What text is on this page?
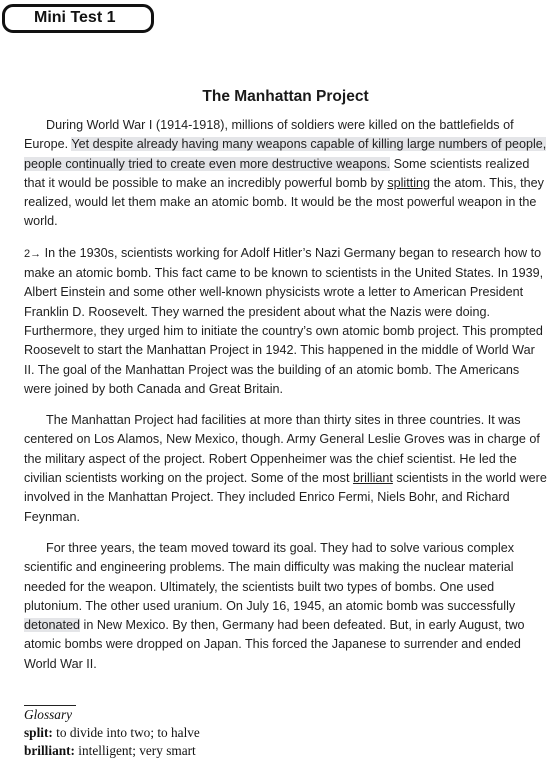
Mini Test 1
The Manhattan Project

During World War I (1914-1918), millions of soldiers were killed on the battlefields of Europe. Yet despite already having many weapons capable of killing large numbers of people, people continually tried to create even more destructive weapons. Some scientists realized that it would be possible to make an incredibly powerful bomb by splitting the atom. This, they realized, would let them make an atomic bomb. It would be the most powerful weapon in the world.

2→ In the 1930s, scientists working for Adolf Hitler’s Nazi Germany began to research how to make an atomic bomb. This fact came to be known to scientists in the United States. In 1939, Albert Einstein and some other well-known physicists wrote a letter to American President Franklin D. Roosevelt. They warned the president about what the Nazis were doing. Furthermore, they urged him to initiate the country’s own atomic bomb project. This prompted Roosevelt to start the Manhattan Project in 1942. This happened in the middle of World War II. The goal of the Manhattan Project was the building of an atomic bomb. The Americans were joined by both Canada and Great Britain.

The Manhattan Project had facilities at more than thirty sites in three countries. It was centered on Los Alamos, New Mexico, though. Army General Leslie Groves was in charge of the military aspect of the project. Robert Oppenheimer was the chief scientist. He led the civilian scientists working on the project. Some of the most brilliant scientists in the world were involved in the Manhattan Project. They included Enrico Fermi, Niels Bohr, and Richard Feynman.

For three years, the team moved toward its goal. They had to solve various complex scientific and engineering problems. The main difficulty was making the nuclear material needed for the weapon. Ultimately, the scientists built two types of bombs. One used plutonium. The other used uranium. On July 16, 1945, an atomic bomb was successfully detonated in New Mexico. By then, Germany had been defeated. But, in early August, two atomic bombs were dropped on Japan. This forced the Japanese to surrender and ended World War II.

Glossary
split: to divide into two; to halve
brilliant: intelligent; very smart
